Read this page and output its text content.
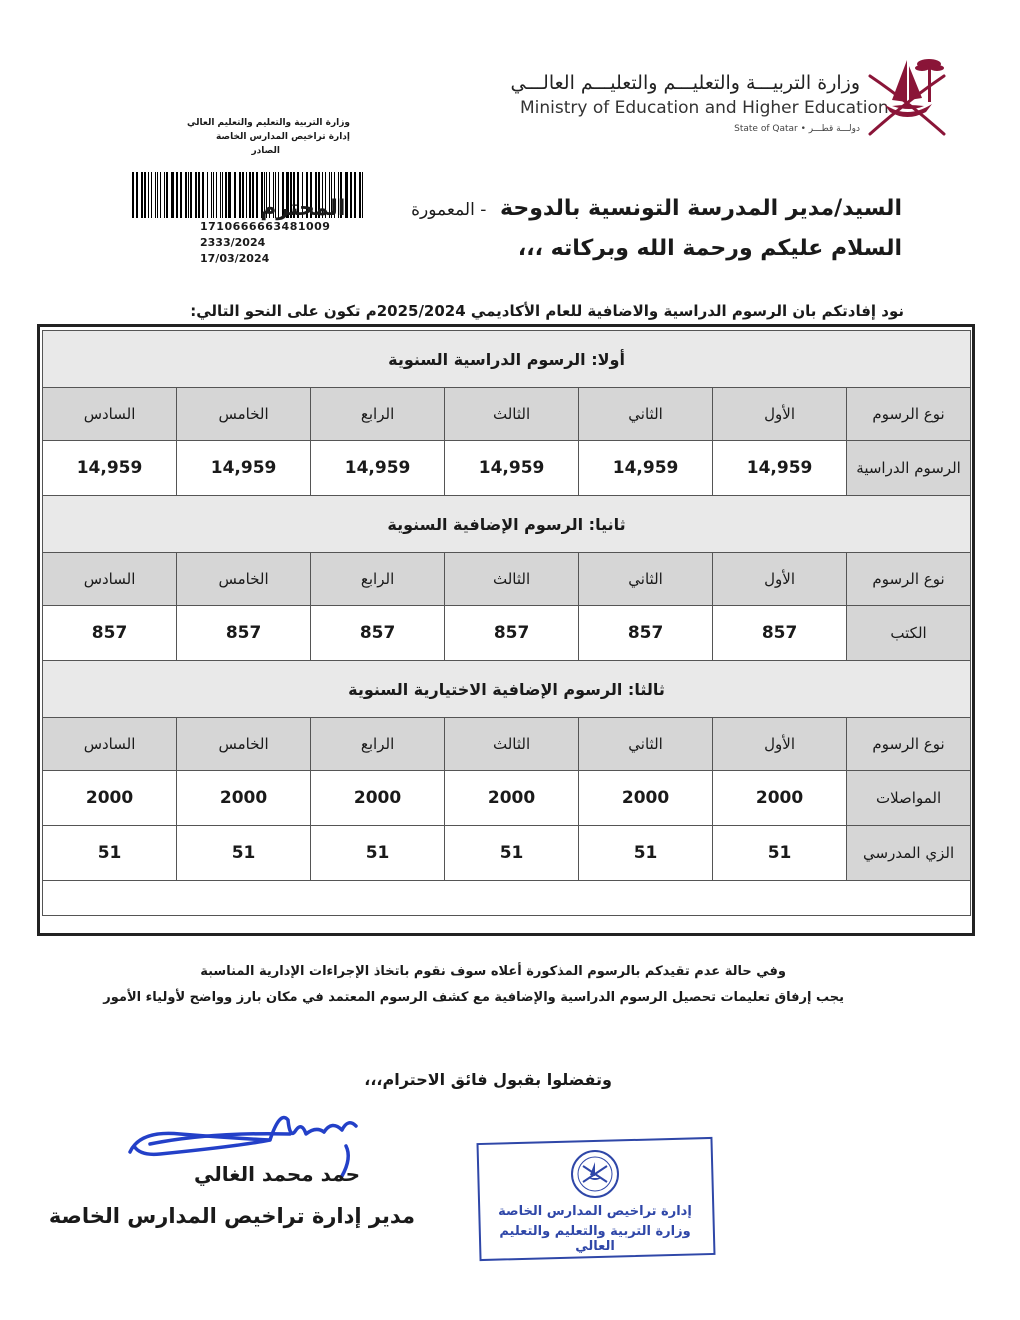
وزارة التربيـــة والتعليـــم والتعليـــم العالـــي
Ministry of Education and Higher Education
State of Qatar • دولـــة قطـــر
وزارة التربية والتعليم والتعليم العالي
إدارة تراخيص المدارس الخاصة
الصادر
1710666663481009
2333/2024
17/03/2024
السيد/مدير المدرسة التونسية بالدوحة - المعمورة المحترم
السلام عليكم ورحمة الله وبركاته ،،،
نود إفادتكم بان الرسوم الدراسية والاضافية للعام الأكاديمي 2025/2024م تكون على النحو التالي:
أولا: الرسوم الدراسية السنوية						
نوع الرسوم	الأول	الثاني	الثالث	الرابع	الخامس	السادس
الرسوم الدراسية	14,959	14,959	14,959	14,959	14,959	14,959
ثانيا: الرسوم الإضافية السنوية						
نوع الرسوم	الأول	الثاني	الثالث	الرابع	الخامس	السادس
الكتب	857	857	857	857	857	857
ثالثا: الرسوم الإضافية الاختيارية السنوية						
نوع الرسوم	الأول	الثاني	الثالث	الرابع	الخامس	السادس
المواصلات	2000	2000	2000	2000	2000	2000
الزي المدرسي	51	51	51	51	51	51

وفي حالة عدم تقيدكم بالرسوم المذكورة أعلاه سوف نقوم باتخاذ الإجراءات الإدارية المناسبة
يجب إرفاق تعليمات تحصيل الرسوم الدراسية والإضافية مع كشف الرسوم المعتمد في مكان بارز وواضح لأولياء الأمور
وتفضلوا بقبول فائق الاحترام،،،
حمد محمد الغالي
مدير إدارة تراخيص المدارس الخاصة	إدارة تراخيص المدارس الخاصة
وزارة التربية والتعليم والتعليم العالي
